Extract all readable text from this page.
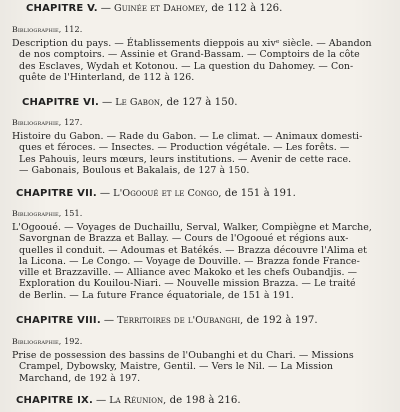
CHAPITRE V. — Guinée et Dahomey, de 112 à 126.
Bibliographie, 112.
Description du pays. — Établissements dieppois au xivᵉ siècle. — Abandon
de nos comptoirs. — Assinie et Grand-Bassam. — Comptoirs de la côte
des Esclaves, Wydah et Kotonou. — La question du Dahomey. — Con-
quête de l'Hinterland, de 112 à 126.
CHAPITRE VI. — Le Gabon, de 127 à 150.
Bibliographie, 127.
Histoire du Gabon. — Rade du Gabon. — Le climat. — Animaux domesti-
ques et féroces. — Insectes. — Production végétale. — Les forêts. —
Les Pahouis, leurs mœurs, leurs institutions. — Avenir de cette race.
— Gabonais, Boulous et Bakalais, de 127 à 150.
CHAPITRE VII. — L'Ogooué et le Congo, de 151 à 191.
Bibliographie, 151.
L'Ogooué. — Voyages de Duchaillu, Serval, Walker, Compiègne et Marche,
Savorgnan de Brazza et Ballay. — Cours de l'Ogooué et régions aux-
quelles il conduit. — Adoumas et Batékés. — Brazza découvre l'Alima et
la Licona. — Le Congo. — Voyage de Douville. — Brazza fonde France-
ville et Brazzaville. — Alliance avec Makoko et les chefs Oubandjis. —
Exploration du Kouilou-Niari. — Nouvelle mission Brazza. — Le traité
de Berlin. — La future France équatoriale, de 151 à 191.
CHAPITRE VIII. — Territoires de l'Oubanghi, de 192 à 197.
Bibliographie, 192.
Prise de possession des bassins de l'Oubanghi et du Chari. — Missions
Crampel, Dybowsky, Maistre, Gentil. — Vers le Nil. — La Mission
Marchand, de 192 à 197.
CHAPITRE IX. — La Réunion, de 198 à 216.
